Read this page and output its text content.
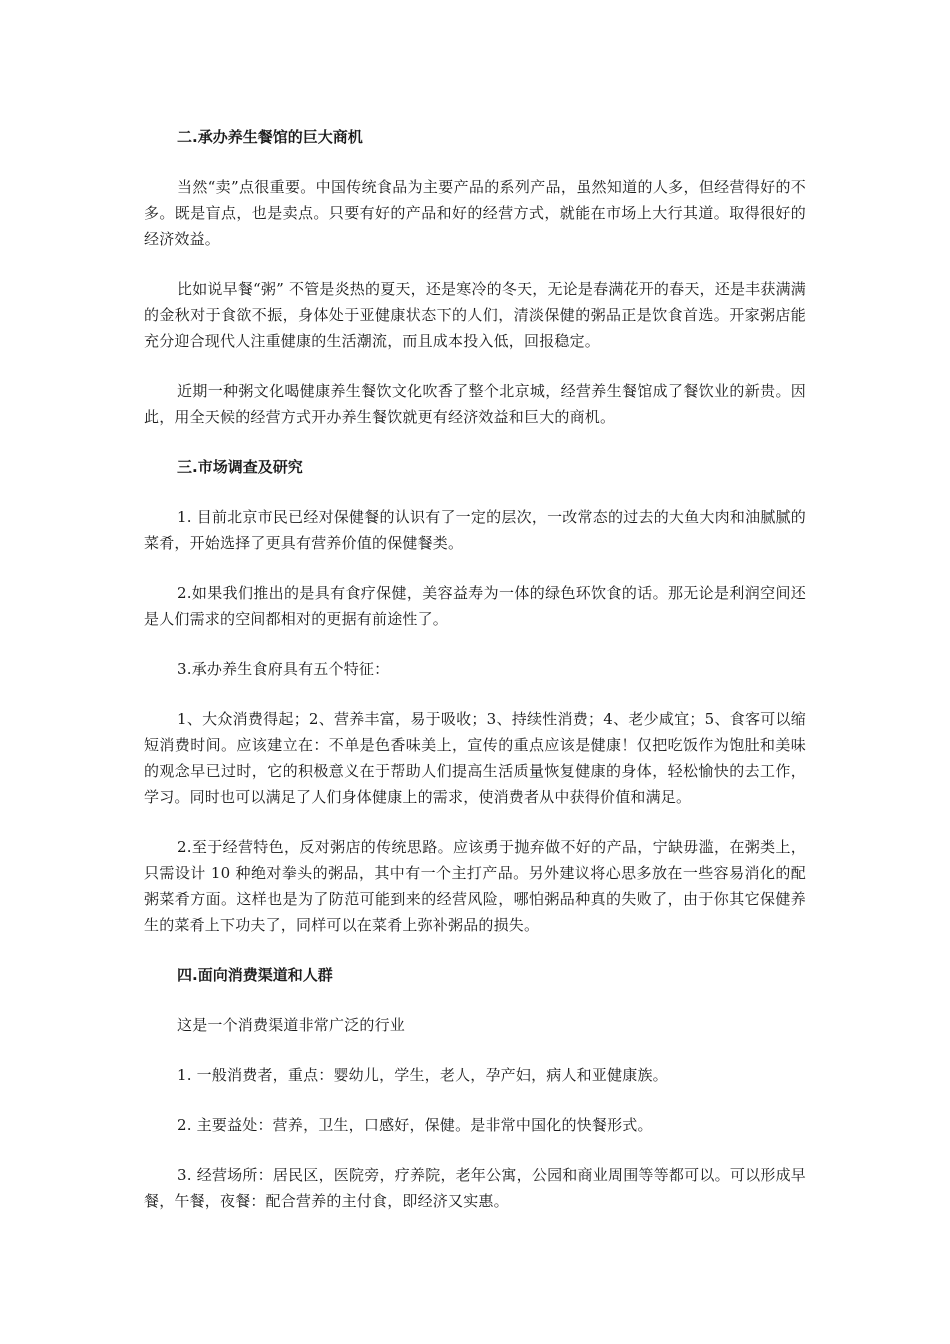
二.承办养生餐馆的巨大商机

当然“卖”点很重要。中国传统食品为主要产品的系列产品，虽然知道的人多，但经营得好的不多。既是盲点，也是卖点。只要有好的产品和好的经营方式，就能在市场上大行其道。取得很好的经济效益。

比如说早餐“粥” 不管是炎热的夏天，还是寒冷的冬天，无论是春满花开的春天，还是丰获满满的金秋对于食欲不振，身体处于亚健康状态下的人们，清淡保健的粥品正是饮食首选。开家粥店能充分迎合现代人注重健康的生活潮流，而且成本投入低，回报稳定。

近期一种粥文化喝健康养生餐饮文化吹香了整个北京城，经营养生餐馆成了餐饮业的新贵。因此，用全天候的经营方式开办养生餐饮就更有经济效益和巨大的商机。

三.市场调查及研究

1. 目前北京市民已经对保健餐的认识有了一定的层次，一改常态的过去的大鱼大肉和油腻腻的菜肴，开始选择了更具有营养价值的保健餐类。

2.如果我们推出的是具有食疗保健，美容益寿为一体的绿色环饮食的话。那无论是利润空间还是人们需求的空间都相对的更据有前途性了。

3.承办养生食府具有五个特征：

1、大众消费得起；2、营养丰富，易于吸收；3、持续性消费；4、老少咸宜；5、食客可以缩短消费时间。应该建立在：不单是色香味美上，宣传的重点应该是健康！仅把吃饭作为饱肚和美味的观念早已过时，它的积极意义在于帮助人们提高生活质量恢复健康的身体，轻松愉快的去工作，学习。同时也可以满足了人们身体健康上的需求，使消费者从中获得价值和满足。

2.至于经营特色，反对粥店的传统思路。应该勇于抛弃做不好的产品，宁缺毋滥，在粥类上，只需设计 10 种绝对拳头的粥品，其中有一个主打产品。另外建议将心思多放在一些容易消化的配粥菜肴方面。这样也是为了防范可能到来的经营风险，哪怕粥品种真的失败了，由于你其它保健养生的菜肴上下功夫了，同样可以在菜肴上弥补粥品的损失。

四.面向消费渠道和人群

这是一个消费渠道非常广泛的行业

1. 一般消费者，重点：婴幼儿，学生，老人，孕产妇，病人和亚健康族。

2. 主要益处：营养，卫生，口感好，保健。是非常中国化的快餐形式。

3. 经营场所：居民区，医院旁，疗养院，老年公寓，公园和商业周围等等都可以。可以形成早餐，午餐，夜餐：配合营养的主付食，即经济又实惠。
